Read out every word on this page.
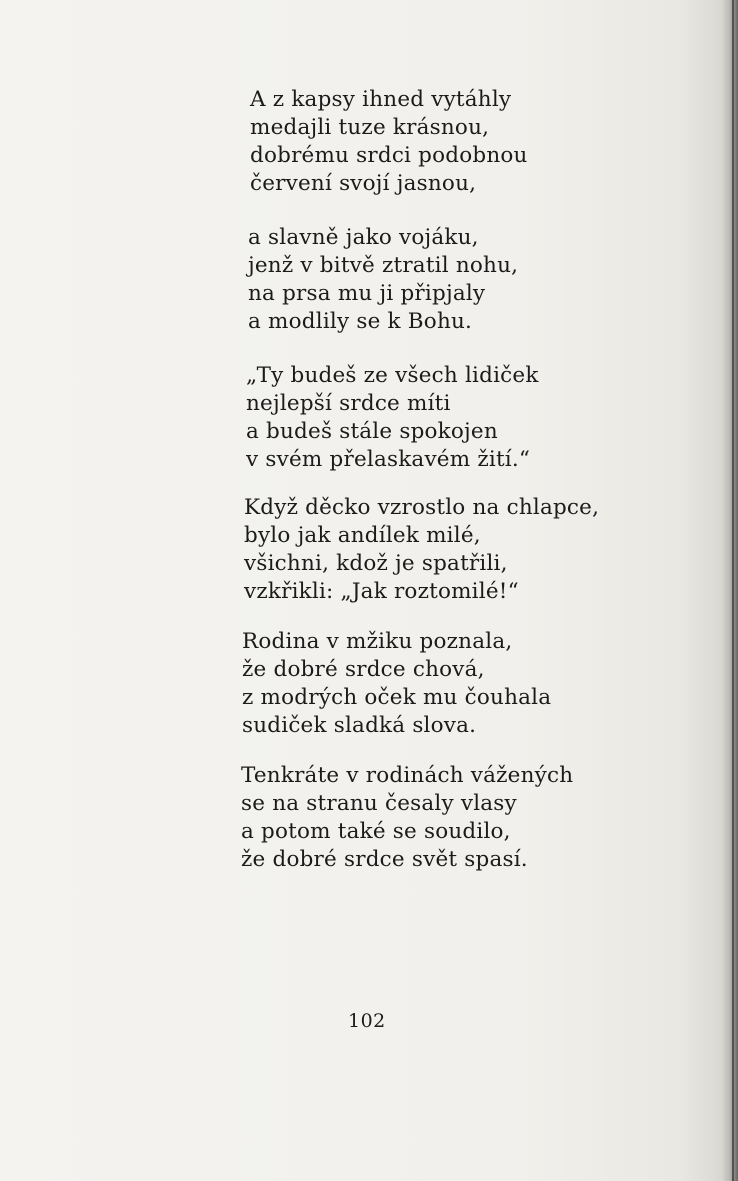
A z kapsy ihned vytáhly
medajli tuze krásnou,
dobrému srdci podobnou
červení svojí jasnou,

a slavně jako vojáku,
jenž v bitvě ztratil nohu,
na prsa mu ji připjaly
a modlily se k Bohu.

„Ty budeš ze všech lidiček
nejlepší srdce míti
a budeš stále spokojen
v svém přelaskavém žití.“

Když děcko vzrostlo na chlapce,
bylo jak andílek milé,
všichni, kdož je spatřili,
vzkřikli: „Jak roztomilé!“

Rodina v mžiku poznala,
že dobré srdce chová,
z modrých oček mu čouhala
sudiček sladká slova.

Tenkráte v rodinách vážených
se na stranu česaly vlasy
a potom také se soudilo,
že dobré srdce svět spasí.

102
